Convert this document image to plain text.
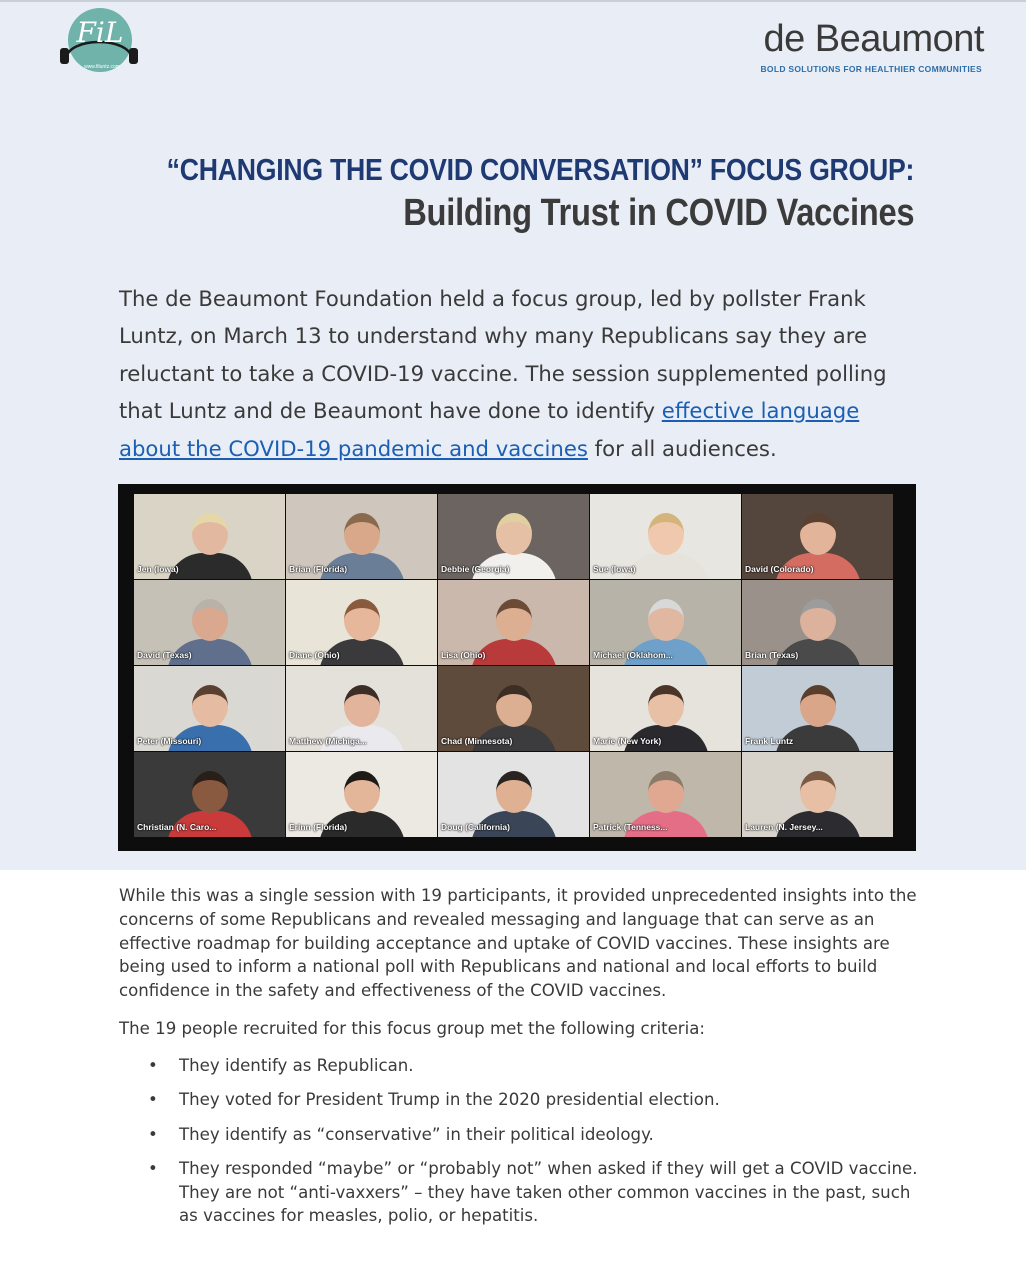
FiL
www.filuntz.com
de Beaumont
BOLD SOLUTIONS FOR HEALTHIER COMMUNITIES
“CHANGING THE COVID CONVERSATION” FOCUS GROUP:
Building Trust in COVID Vaccines

The de Beaumont Foundation held a focus group, led by pollster Frank Luntz, on March 13 to understand why many Republicans say they are reluctant to take a COVID-19 vaccine. The session supplemented polling that Luntz and de Beaumont have done to identify effective language about the COVID-19 pandemic and vaccines for all audiences.

Jen (Iowa)	Brian (Florida)	Debbie (Georgia)	Sue (Iowa)	David (Colorado)
David (Texas)	Diane (Ohio)	Lisa (Ohio)	Michael (Oklahom...	Brian (Texas)
Peter (Missouri)	Matthew (Michiga...	Chad (Minnesota)	Marie (New York)	Frank Luntz
Christian (N. Caro...	Erinn (Florida)	Doug (California)	Patrick (Tenness...	Lauren (N. Jersey...

While this was a single session with 19 participants, it provided unprecedented insights into the concerns of some Republicans and revealed messaging and language that can serve as an effective roadmap for building acceptance and uptake of COVID vaccines. These insights are being used to inform a national poll with Republicans and national and local efforts to build confidence in the safety and effectiveness of the COVID vaccines.

The 19 people recruited for this focus group met the following criteria:

• They identify as Republican.
• They voted for President Trump in the 2020 presidential election.
• They identify as “conservative” in their political ideology.
• They responded “maybe” or “probably not” when asked if they will get a COVID vaccine. They are not “anti-vaxxers” – they have taken other common vaccines in the past, such as vaccines for measles, polio, or hepatitis.
